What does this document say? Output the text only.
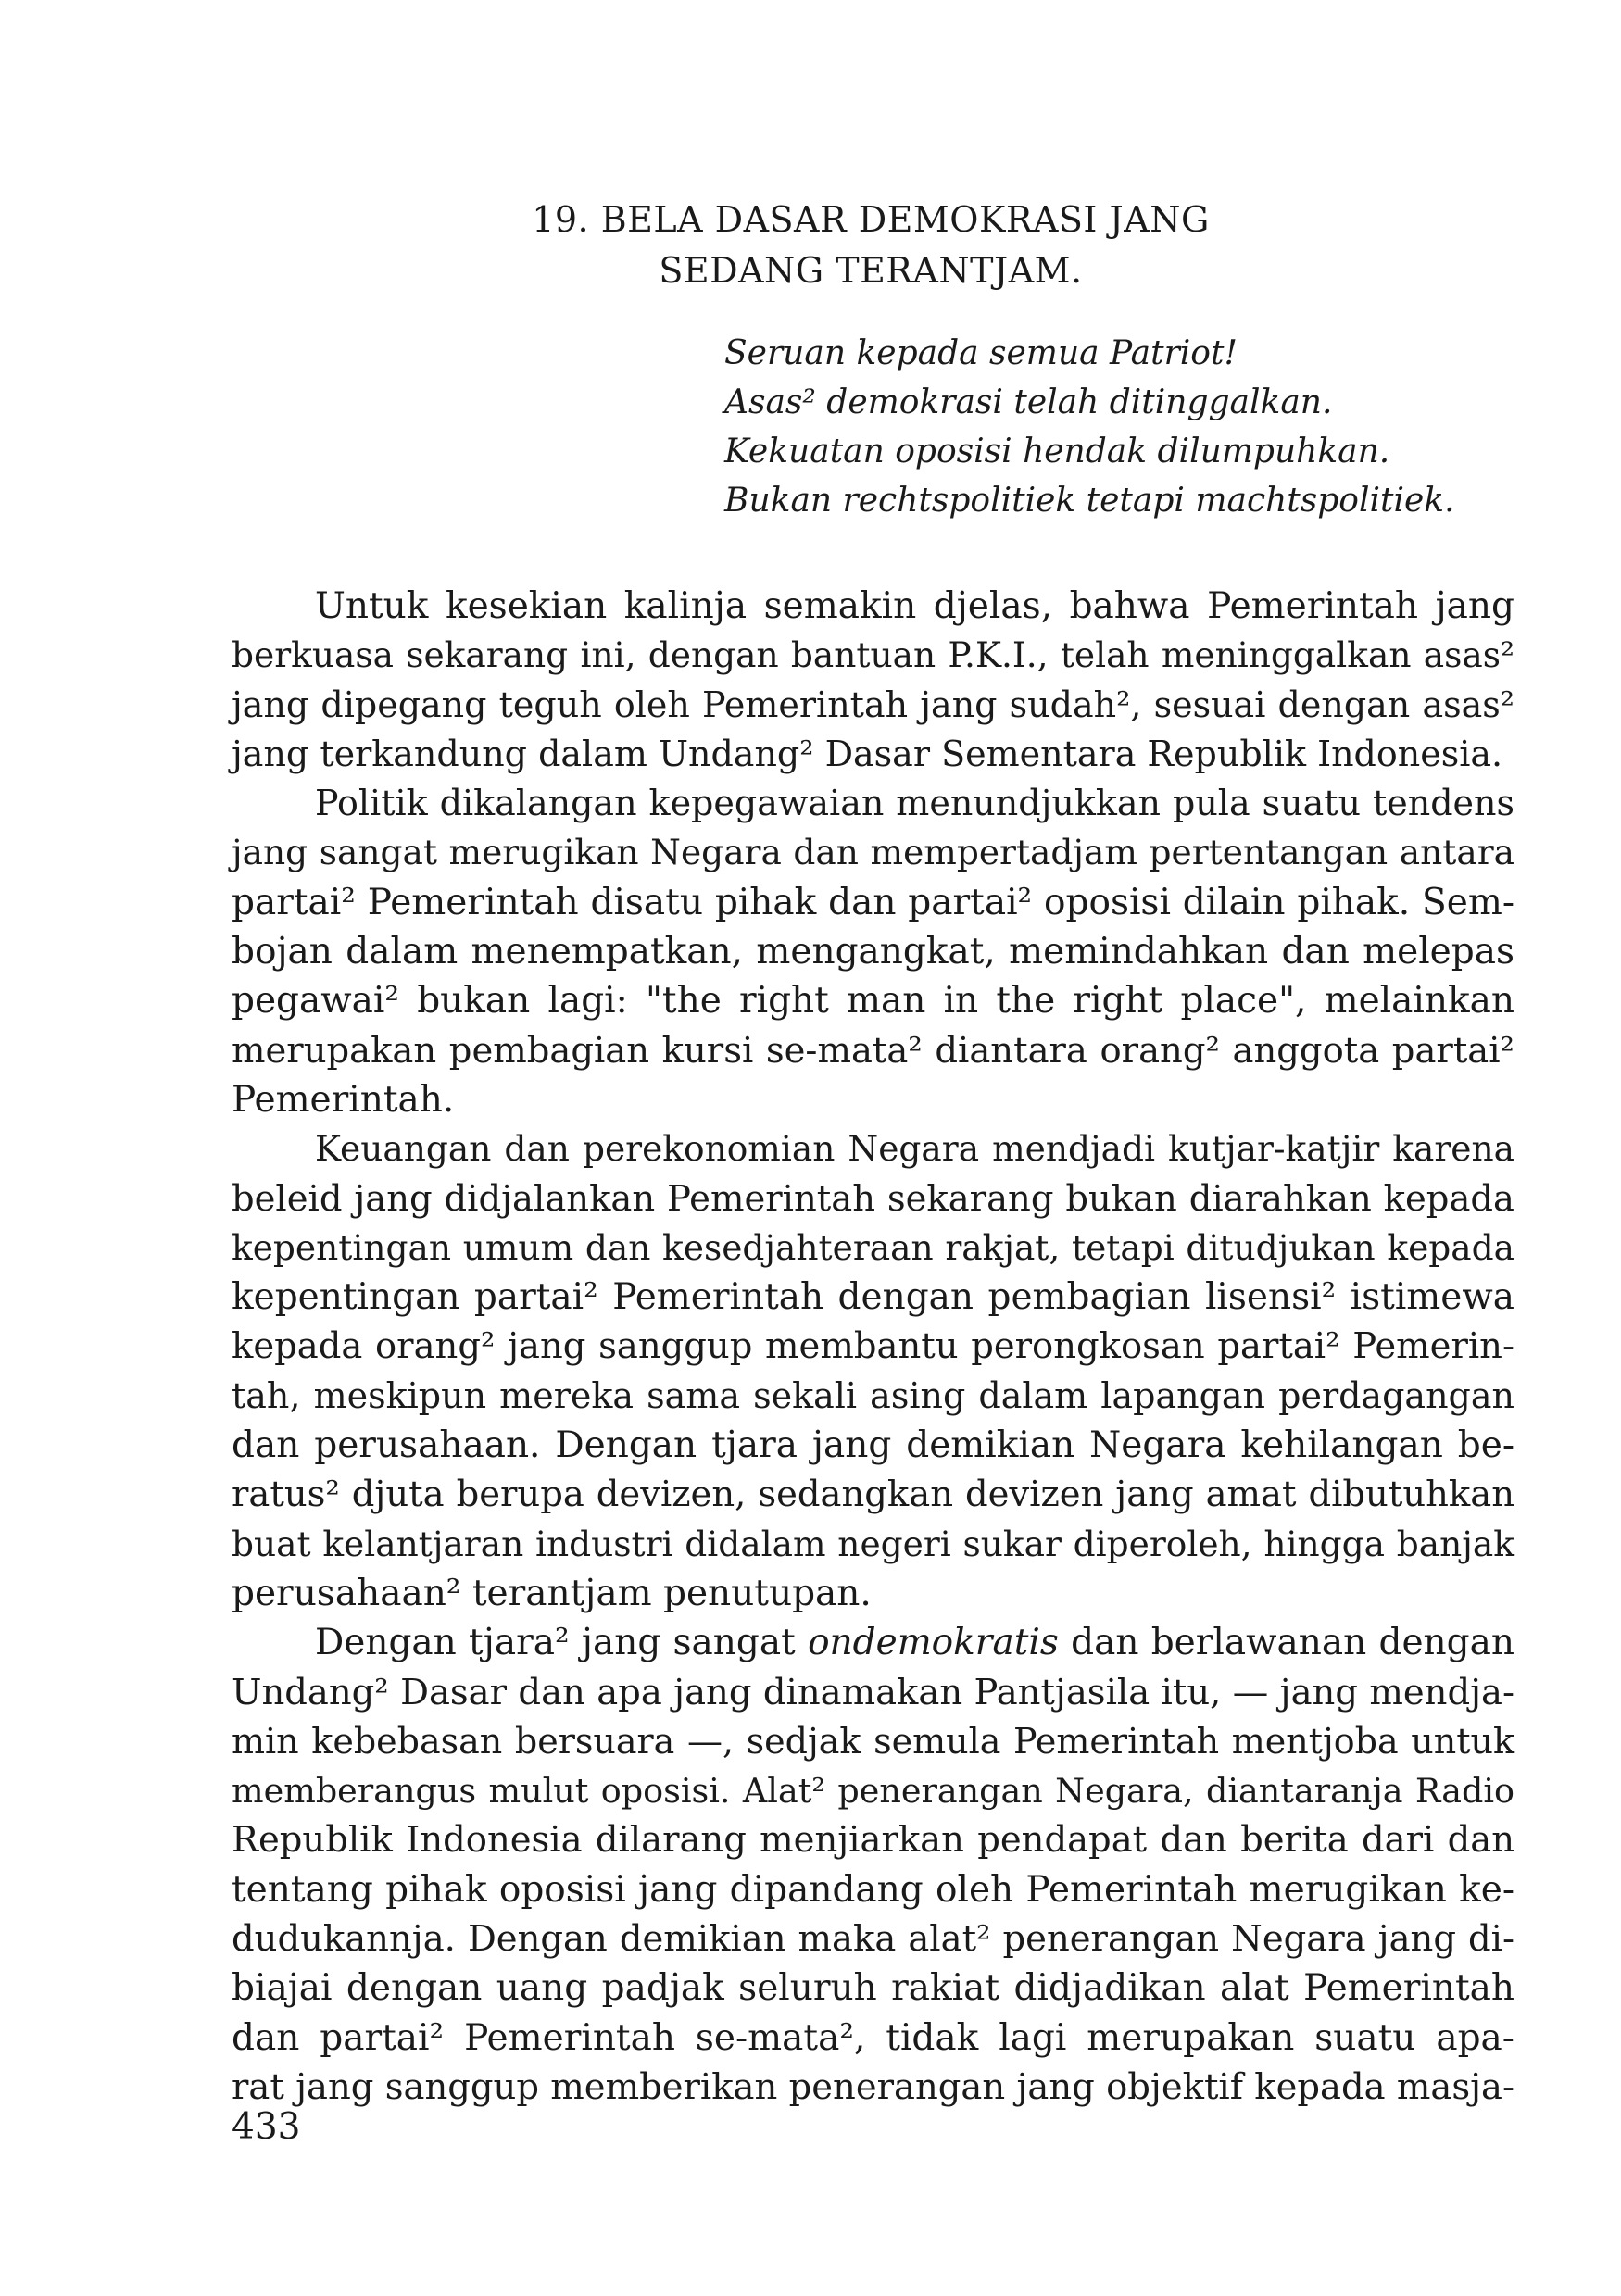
19. BELA DASAR DEMOKRASI JANG
SEDANG TERANTJAM.
Seruan kepada semua Patriot!
Asas² demokrasi telah ditinggalkan.
Kekuatan oposisi hendak dilumpuhkan.
Bukan rechtspolitiek tetapi machtspolitiek.

Untuk kesekian kalinja semakin djelas, bahwa Pemerintah jang
berkuasa sekarang ini, dengan bantuan P.K.I., telah meninggalkan asas²
jang dipegang teguh oleh Pemerintah jang sudah², sesuai dengan asas²
jang terkandung dalam Undang² Dasar Sementara Republik Indonesia.

Politik dikalangan kepegawaian menundjukkan pula suatu tendens
jang sangat merugikan Negara dan mempertadjam pertentangan antara
partai² Pemerintah disatu pihak dan partai² oposisi dilain pihak. Sem-
bojan dalam menempatkan, mengangkat, memindahkan dan melepas
pegawai² bukan lagi: "the right man in the right place", melainkan
merupakan pembagian kursi se-mata² diantara orang² anggota partai²
Pemerintah.

Keuangan dan perekonomian Negara mendjadi kutjar-katjir karena
beleid jang didjalankan Pemerintah sekarang bukan diarahkan kepada
kepentingan umum dan kesedjahteraan rakjat, tetapi ditudjukan kepada
kepentingan partai² Pemerintah dengan pembagian lisensi² istimewa
kepada orang² jang sanggup membantu perongkosan partai² Pemerin-
tah, meskipun mereka sama sekali asing dalam lapangan perdagangan
dan perusahaan. Dengan tjara jang demikian Negara kehilangan be-
ratus² djuta berupa devizen, sedangkan devizen jang amat dibutuhkan
buat kelantjaran industri didalam negeri sukar diperoleh, hingga banjak
perusahaan² terantjam penutupan.

Dengan tjara² jang sangat ondemokratis dan berlawanan dengan
Undang² Dasar dan apa jang dinamakan Pantjasila itu, — jang mendja-
min kebebasan bersuara —, sedjak semula Pemerintah mentjoba untuk
memberangus mulut oposisi. Alat² penerangan Negara, diantaranja Radio
Republik Indonesia dilarang menjiarkan pendapat dan berita dari dan
tentang pihak oposisi jang dipandang oleh Pemerintah merugikan ke-
dudukannja. Dengan demikian maka alat² penerangan Negara jang di-
biajai dengan uang padjak seluruh rakiat didjadikan alat Pemerintah
dan partai² Pemerintah se-mata², tidak lagi merupakan suatu apa-
rat jang sanggup memberikan penerangan jang objektif kepada masja-

433
